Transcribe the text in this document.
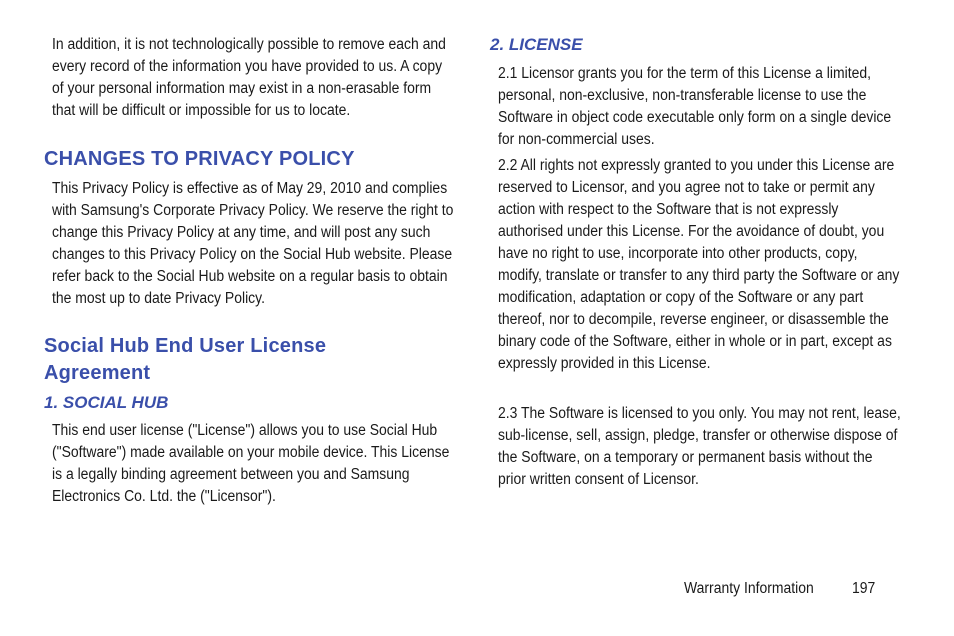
In addition, it is not technologically possible to remove each and every record of the information you have provided to us. A copy of your personal information may exist in a non-erasable form that will be difficult or impossible for us to locate.

CHANGES TO PRIVACY POLICY

This Privacy Policy is effective as of May 29, 2010 and complies with Samsung's Corporate Privacy Policy. We reserve the right to change this Privacy Policy at any time, and will post any such changes to this Privacy Policy on the Social Hub website. Please refer back to the Social Hub website on a regular basis to obtain the most up to date Privacy Policy.

Social Hub End User License
Agreement
1. SOCIAL HUB

This end user license ("License") allows you to use Social Hub ("Software") made available on your mobile device. This License is a legally binding agreement between you and Samsung Electronics Co. Ltd. the ("Licensor").

2. LICENSE

2.1 Licensor grants you for the term of this License a limited, personal, non-exclusive, non-transferable license to use the Software in object code executable only form on a single device for non-commercial uses.

2.2 All rights not expressly granted to you under this License are reserved to Licensor, and you agree not to take or permit any action with respect to the Software that is not expressly authorised under this License. For the avoidance of doubt, you have no right to use, incorporate into other products, copy, modify, translate or transfer to any third party the Software or any modification, adaptation or copy of the Software or any part thereof, nor to decompile, reverse engineer, or disassemble the binary code of the Software, either in whole or in part, except as expressly provided in this License.

2.3 The Software is licensed to you only. You may not rent, lease, sub-license, sell, assign, pledge, transfer or otherwise dispose of the Software, on a temporary or permanent basis without the prior written consent of Licensor.

Warranty Information 197
